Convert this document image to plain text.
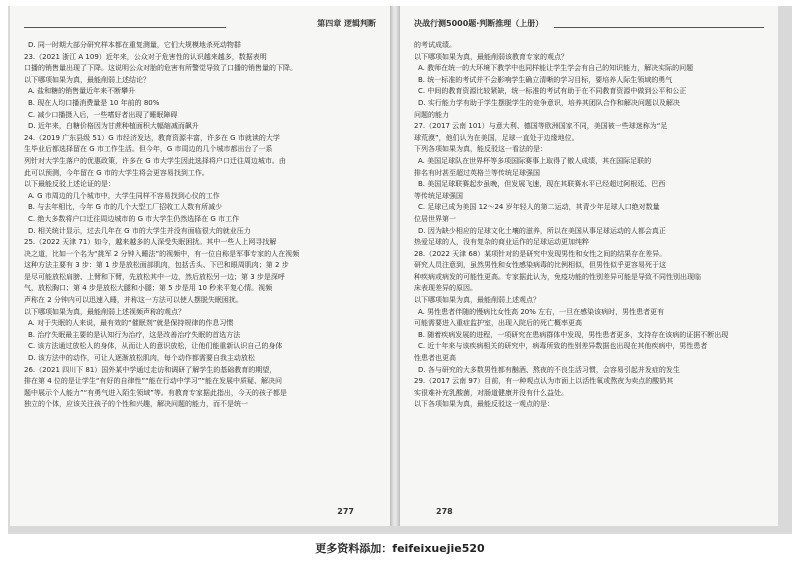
第四章 逻辑判断

D. 同一时期大部分研究样本都在重复测量，它们大规模地杀死动物群

23.（2021 浙江 A 109）近年来，公众对于危害性的认识越来越多，数据表明

口播的销售量出现了下降。这说明公众对胎的危害有所警觉导致了口播的销售量的下降。

以下哪项如果为真，最能削弱上述结论？

A. 盐和糖的销售量近年来不断攀升

B. 现在人均口播消费量是 10 年前的 80%

C. 减少口播摄入后，一些嗜好者出现了睡眠障碍

D. 近年来，白糖价格因为甘蔗种植面积大幅缩减而飙升

24.（2019 广东县级 51）G 市经济发达，教育资源丰富，许多在 G 市就读的大学

生毕业后都选择留在 G 市工作生活。但今年，G 市周边的几个城市都出台了一系

列针对大学生落户的优惠政策，许多在 G 市大学生因此选择将户口迁往周边城市。由

此可以预测，今年留在 G 市的大学生将会更容易找到工作。

以下最能反驳上述论证的是：

A. G 市周边的几个城市中，大学生同样不容易找到心仪的工作

B. 与去年相比，今年 G 市的几个大型工厂招收工人数有所减少

C. 绝大多数将户口迁往周边城市的 G 市大学生仍然选择在 G 市工作

D. 相关统计显示，过去几年在 G 市的大学生并没有面临很大的就业压力

25.（2022 天津 71）如今，越来越多的人深受失眠困扰。其中一些人上网寻找解

决之道，比如一个名为“挑军 2 分钟入睡法”的视频中，有一位自称是军事专家的人在视频

这种方法主要有 3 步：第 1 步是放松面部肌肉，包括舌头、下巴和眼周肌肉；第 2 步

是尽可能放松肩膀、上臂和下臂，先放松其中一边，然后放松另一边；第 3 步是深呼

气，放松胸口；第 4 步是放松大腿和小腿；第 5 步是用 10 秒来平复心情。视频

声称在 2 分钟内可以迅速入睡，并称这一方法可以使人摆脱失眠困扰。

以下哪项如果为真，最能削弱上述视频声称的观点？

A. 对于失眠的人来说，最有效的“催眠剂”就是保持规律的作息习惯

B. 治疗失眠最主要的是认知行为治疗，这是改善治疗失眠的首选方法

C. 该方法通过放松人的身体，从而让人的意识放松，让他们能重新认识自己的身体

D. 该方法中的动作，可让人逐渐放松肌肉，每个动作都需要自我主动放松

26.（2021 四川下 81）国外某中学通过走访和调研了解学生的基础教育的期望，

排在第 4 位的是让学生“有好的自律性”“能在行动中学习”“能在发展中质疑、解决问

题中展示个人能力”“有勇气进入陌生领域”等。有教育专家据此指出，今天的孩子都是

独立的个体，应该关注孩子的个性和兴趣，解决问题的能力，而不是统一

277
决战行测5000题·判断推理（上册）

的考试成绩。

以下哪项如果为真，最能削弱该教育专家的观点？

A. 教师在统一的大环境下教学中也同样能让学生学会有自己的知识能力，解决实际的问题

B. 统一标准的考试并不会影响学生确立清晰的学习目标，要培养人际生领域的勇气

C. 中间的教育资源比较紧缺，统一标准的考试有助于在不同教育资源中做到公平和公正

D. 实行能力学有助于学生摆脱学生的竞争意识，培养其团队合作和解决问题以及解决

问题的能力

27.（2017 云南 101）与意大利、德国等欧洲国家不同，美国被一些球迷称为“足

球荒漠”，他们认为在美国，足球一直处于边缘地位。

下列各项如果为真，能反驳这一看法的是：

A. 美国足球队在世界杯等多项国际赛事上取得了傲人成绩，其在国际足联的

排名有时甚至超过英格兰等传统足球强国

B. 美国足球联赛起步虽晚，但发展飞速，现在其联赛水平已经超过阿根廷、巴西

等传统足球强国

C. 足球已成为美国 12～24 岁年轻人的第二运动，其青少年足球人口绝对数量

位居世界第一

D. 因为缺少相应的足球文化土壤的滋养，所以在美国从事足球运动的人都会真正

热爱足球的人，没有复杂的商业运作的足球运动更加纯粹

28.（2022 天津 68）某项针对的是研究中发现男性和女性之间的结果存在差异。

研究人员注意到，虽然男性和女性感染病毒的比例相似，但男性似乎更容易死于这

种疾病或病发的可能性更高。专家据此认为，免疫功能的性别差异可能是导致不同性别出现临

床表现差异的原因。

以下哪项如果为真，最能削弱上述观点？

A. 男性患者伴随的慢病比女性高 20% 左右，一旦在感染该病时，男性患者更有

可能需要进入重症监护室，出现入院后的死亡概率更高

B. 随着疾病发展的进程，一项研究在患病群体中发现，男性患者更多，支持存在该病的证据不断出现

C. 近十年来与该疾病相关的研究中，病毒所致的性别差异数据也出现在其他疾病中，男性患者

性患者也更高

D. 各与研究的大多数男性都有酗酒、熬夜的不良生活习惯，会容易引起并发症的发生

29.（2017 云南 97）目前，有一种观点认为市面上以活性氧或熬夜为卖点的酸奶其

实很难补充乳酸菌，对肠道健康并没有什么益处。

以下各项如果为真，最能反驳这一观点的是：

278
更多资料添加：feifeixuejie520
